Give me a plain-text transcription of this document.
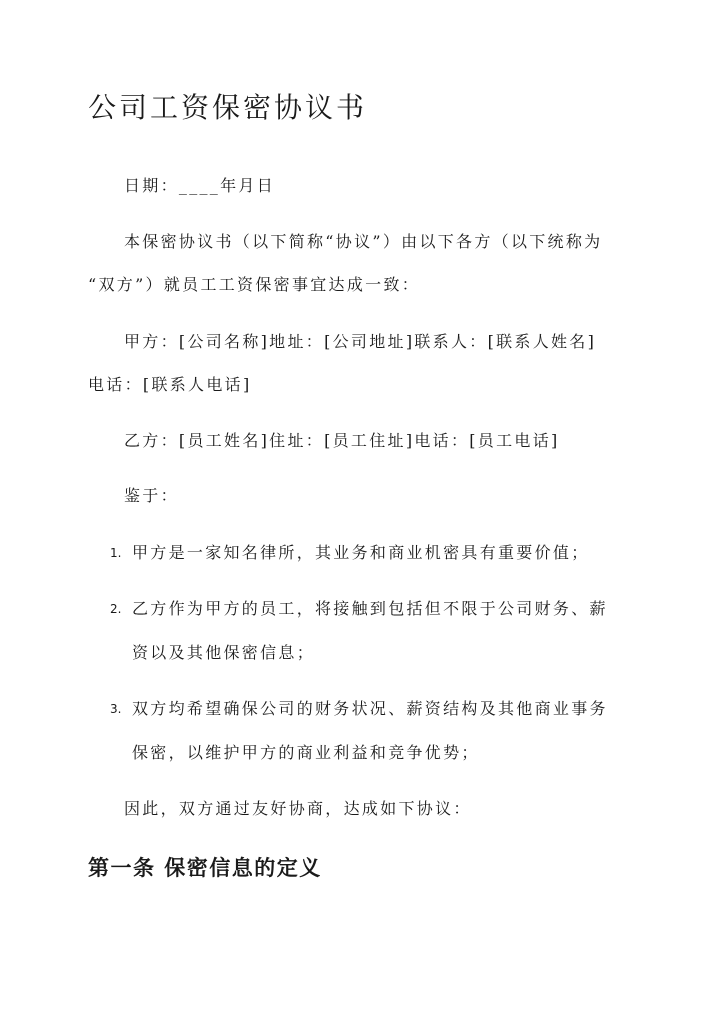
公司工资保密协议书
日期：____年月日
本保密协议书（以下简称“协议”）由以下各方（以下统称为
“双方”）就员工工资保密事宜达成一致：
甲方：[公司名称]地址：[公司地址]联系人：[联系人姓名]
电话：[联系人电话]
乙方：[员工姓名]住址：[员工住址]电话：[员工电话]
鉴于：
1. 甲方是一家知名律所，其业务和商业机密具有重要价值；
2. 乙方作为甲方的员工，将接触到包括但不限于公司财务、薪
资以及其他保密信息；
3. 双方均希望确保公司的财务状况、薪资结构及其他商业事务
保密，以维护甲方的商业利益和竞争优势；
因此，双方通过友好协商，达成如下协议：
第一条 保密信息的定义
